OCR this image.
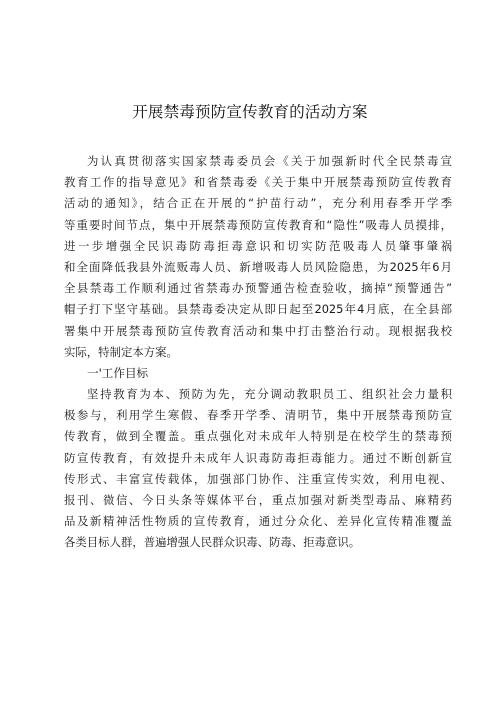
开展禁毒预防宣传教育的活动方案
为认真贯彻落实国家禁毒委员会《关于加强新时代全民禁毒宣
教育工作的指导意见》和省禁毒委《关于集中开展禁毒预防宣传教育
活动的通知》，结合正在开展的“护苗行动”，充分利用春季开学季
等重要时间节点，集中开展禁毒预防宣传教育和“隐性”吸毒人员摸排，
进一步增强全民识毒防毒拒毒意识和切实防范吸毒人员肇事肇祸
和全面降低我县外流贩毒人员、新增吸毒人员风险隐患，为2025年6月
全县禁毒工作顺利通过省禁毒办预警通告检查验收，摘掉“预警通告”
帽子打下坚守基础。县禁毒委决定从即日起至2025年4月底，在全县部
署集中开展禁毒预防宣传教育活动和集中打击整治行动。现根据我校
实际，特制定本方案。
一'工作目标
坚持教育为本、预防为先，充分调动教职员工、组织社会力量积
极参与，利用学生寒假、春季开学季、清明节，集中开展禁毒预防宣
传教育，做到全覆盖。重点强化对未成年人特别是在校学生的禁毒预
防宣传教育，有效提升未成年人识毒防毒拒毒能力。通过不断创新宣
传形式、丰富宣传载体，加强部门协作、注重宣传实效，利用电视、
报刊、微信、今日头条等媒体平台，重点加强对新类型毒品、麻精药
品及新精神活性物质的宣传教育，通过分众化、差异化宣传精准覆盖
各类目标人群，普遍增强人民群众识毒、防毒、拒毒意识。
